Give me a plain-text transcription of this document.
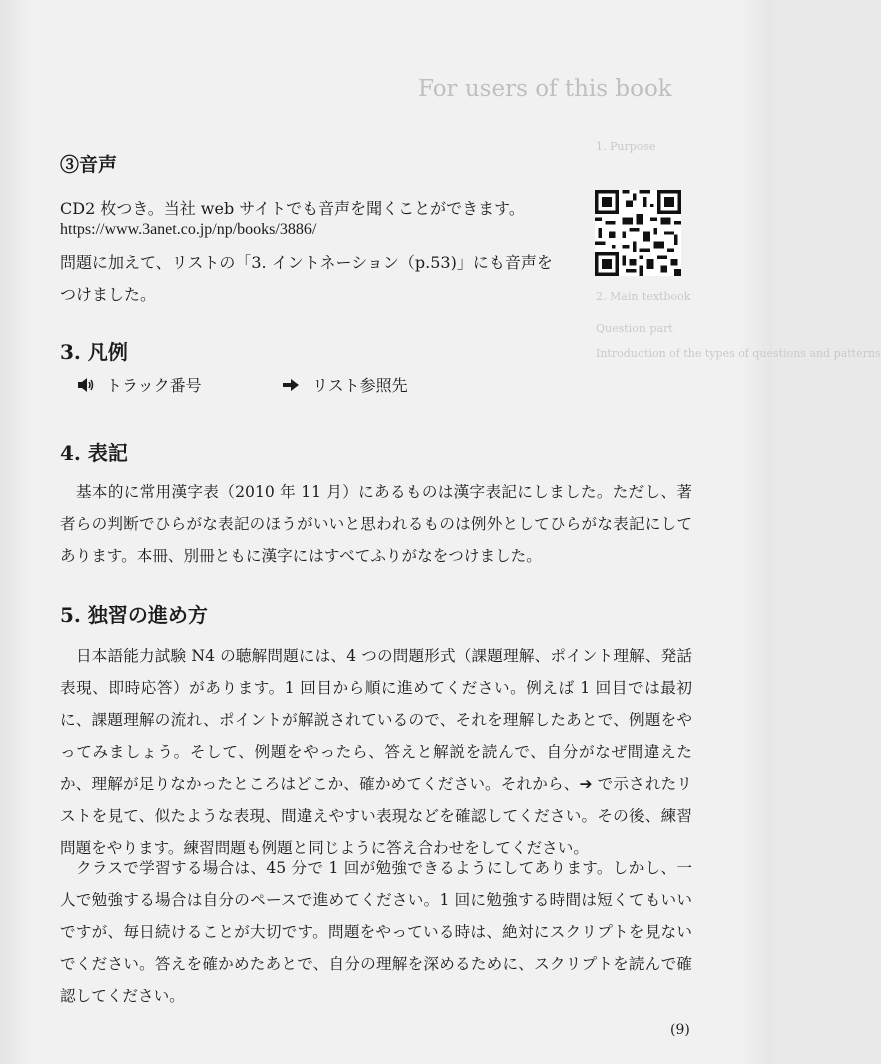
For users of this book
1. Purpose
2. Main textbook
Question part
Introduction of the types of questions and patterns
③音声

CD2 枚つき。当社 web サイトでも音声を聞くことができます。

https://www.3anet.co.jp/np/books/3886/

問題に加えて、リストの「3. イントネーション（p.53)」にも音声を

つけました。

3. 凡例
トラック番号	リスト参照先
4. 表記

基本的に常用漢字表（2010 年 11 月）にあるものは漢字表記にしました。ただし、著者らの判断でひらがな表記のほうがいいと思われるものは例外としてひらがな表記にしてあります。本冊、別冊ともに漢字にはすべてふりがなをつけました。

5. 独習の進め方

日本語能力試験 N4 の聴解問題には、4 つの問題形式（課題理解、ポイント理解、発話表現、即時応答）があります。1 回目から順に進めてください。例えば 1 回目では最初に、課題理解の流れ、ポイントが解説されているので、それを理解したあとで、例題をやってみましょう。そして、例題をやったら、答えと解説を読んで、自分がなぜ間違えたか、理解が足りなかったところはどこか、確かめてください。それから、➔ で示されたリストを見て、似たような表現、間違えやすい表現などを確認してください。その後、練習問題をやります。練習問題も例題と同じように答え合わせをしてください。

クラスで学習する場合は、45 分で 1 回が勉強できるようにしてあります。しかし、一人で勉強する場合は自分のペースで進めてください。1 回に勉強する時間は短くてもいいですが、毎日続けることが大切です。問題をやっている時は、絶対にスクリプトを見ないでください。答えを確かめたあとで、自分の理解を深めるために、スクリプトを読んで確認してください。

(9)
